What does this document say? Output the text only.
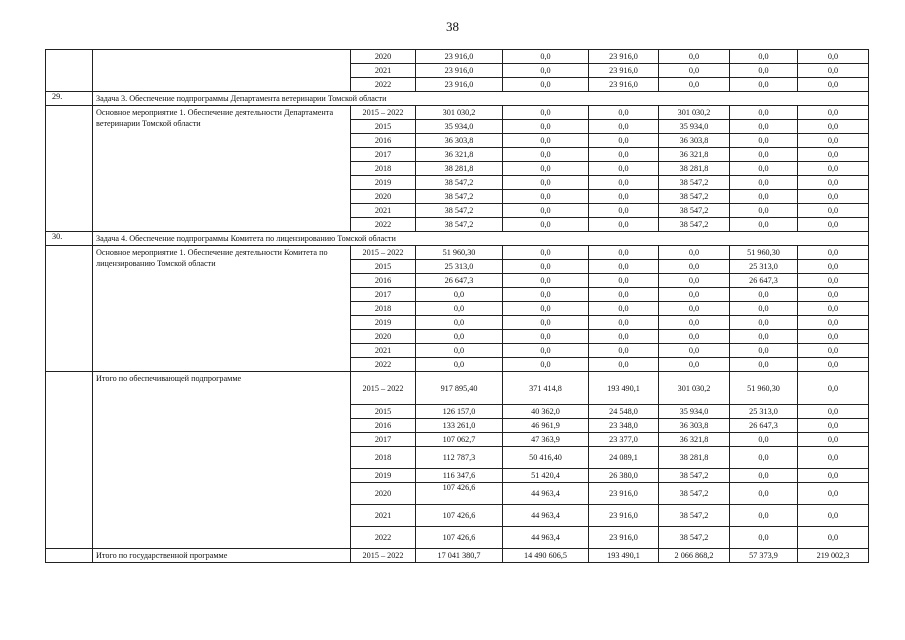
38
		2020	23 916,0	0,0	23 916,0	0,0	0,0	0,0
		2021	23 916,0	0,0	23 916,0	0,0	0,0	0,0
		2022	23 916,0	0,0	23 916,0	0,0	0,0	0,0
29.	Задача 3. Обеспечение подпрограммы Департамента ветеринарии Томской области							
	Основное мероприятие 1. Обеспечение деятельности Департамента ветеринарии Томской области	2015 – 2022	301 030,2	0,0	0,0	301 030,2	0,0	0,0
		2015	35 934,0	0,0	0,0	35 934,0	0,0	0,0
		2016	36 303,8	0,0	0,0	36 303,8	0,0	0,0
		2017	36 321,8	0,0	0,0	36 321,8	0,0	0,0
		2018	38 281,8	0,0	0,0	38 281,8	0,0	0,0
		2019	38 547,2	0,0	0,0	38 547,2	0,0	0,0
		2020	38 547,2	0,0	0,0	38 547,2	0,0	0,0
		2021	38 547,2	0,0	0,0	38 547,2	0,0	0,0
		2022	38 547,2	0,0	0,0	38 547,2	0,0	0,0
30.	Задача 4. Обеспечение подпрограммы Комитета по лицензированию Томской области							
	Основное мероприятие 1. Обеспечение деятельности Комитета по лицензированию Томской области	2015 – 2022	51 960,30	0,0	0,0	0,0	51 960,30	0,0
		2015	25 313,0	0,0	0,0	0,0	25 313,0	0,0
		2016	26 647,3	0,0	0,0	0,0	26 647,3	0,0
		2017	0,0	0,0	0,0	0,0	0,0	0,0
		2018	0,0	0,0	0,0	0,0	0,0	0,0
		2019	0,0	0,0	0,0	0,0	0,0	0,0
		2020	0,0	0,0	0,0	0,0	0,0	0,0
		2021	0,0	0,0	0,0	0,0	0,0	0,0
		2022	0,0	0,0	0,0	0,0	0,0	0,0
	Итого по обеспечивающей подпрограмме	2015 – 2022	917 895,40	371 414,8	193 490,1	301 030,2	51 960,30	0,0
		2015	126 157,0	40 362,0	24 548,0	35 934,0	25 313,0	0,0
		2016	133 261,0	46 961,9	23 348,0	36 303,8	26 647,3	0,0
		2017	107 062,7	47 363,9	23 377,0	36 321,8	0,0	0,0
		2018	112 787,3	50 416,40	24 089,1	38 281,8	0,0	0,0
		2019	116 347,6	51 420,4	26 380,0	38 547,2	0,0	0,0
		2020	107 426,6	44 963,4	23 916,0	38 547,2	0,0	0,0
		2021	107 426,6	44 963,4	23 916,0	38 547,2	0,0	0,0
		2022	107 426,6	44 963,4	23 916,0	38 547,2	0,0	0,0
	Итого по государственной программе	2015 – 2022	17 041 380,7	14 490 606,5	193 490,1	2 066 868,2	57 373,9	219 002,3
